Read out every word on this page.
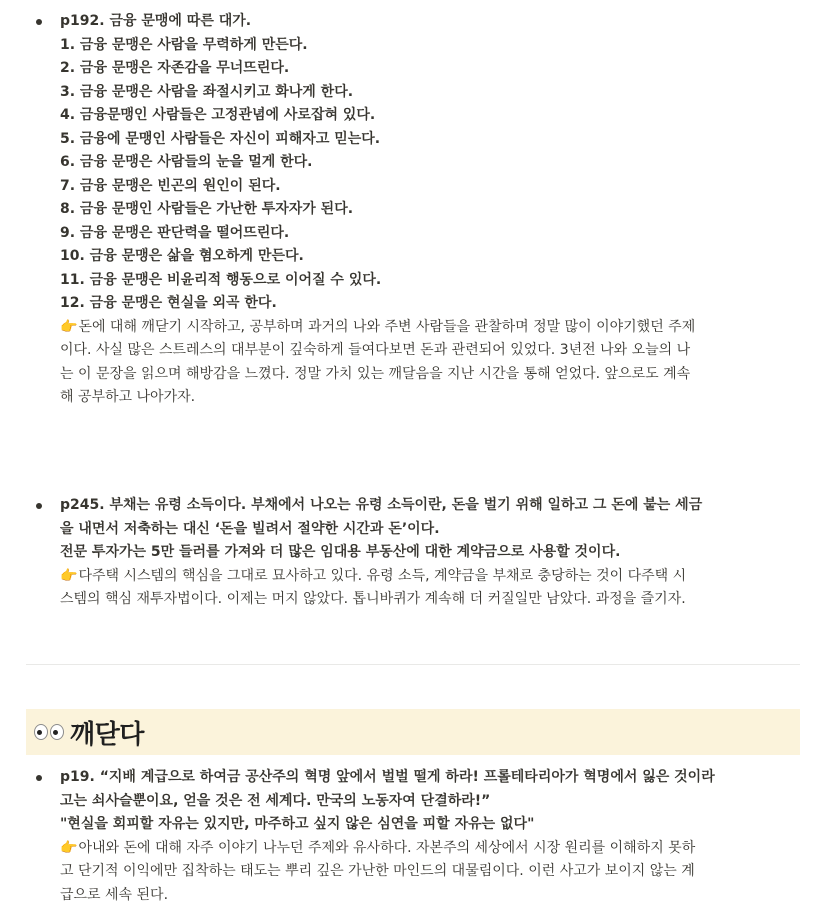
p192. 금융 문맹에 따른 대가.
1. 금융 문맹은 사람을 무력하게 만든다.
2. 금융 문맹은 자존감을 무너뜨린다.
3. 금융 문맹은 사람을 좌절시키고 화나게 한다.
4. 금융문맹인 사람들은 고정관념에 사로잡혀 있다.
5. 금융에 문맹인 사람들은 자신이 피해자고 믿는다.
6. 금융 문맹은 사람들의 눈을 멀게 한다.
7. 금융 문맹은 빈곤의 원인이 된다.
8. 금융 문맹인 사람들은 가난한 투자자가 된다.
9. 금융 문맹은 판단력을 떨어뜨린다.
10. 금융 문맹은 삶을 혐오하게 만든다.
11. 금융 문맹은 비윤리적 행동으로 이어질 수 있다.
12. 금융 문맹은 현실을 외곡 한다.
👉돈에 대해 깨닫기 시작하고, 공부하며 과거의 나와 주변 사람들을 관찰하며 정말 많이 이야기했던 주제
이다. 사실 많은 스트레스의 대부분이 깊숙하게 들여다보면 돈과 관련되어 있었다. 3년전 나와 오늘의 나
는 이 문장을 읽으며 해방감을 느꼈다. 정말 가치 있는 깨달음을 지난 시간을 통해 얻었다. 앞으로도 계속
해 공부하고 나아가자.
p245. 부채는 유령 소득이다. 부채에서 나오는 유령 소득이란, 돈을 벌기 위해 일하고 그 돈에 붙는 세금
을 내면서 저축하는 대신 ‘돈을 빌려서 절약한 시간과 돈’이다.
전문 투자가는 5만 들러를 가져와 더 많은 임대용 부동산에 대한 계약금으로 사용할 것이다.
👉다주택 시스템의 핵심을 그대로 묘사하고 있다. 유령 소득, 계약금을 부채로 충당하는 것이 다주택 시
스템의 핵심 재투자법이다. 이제는 머지 않았다. 톱니바퀴가 계속해 더 커질일만 남았다. 과정을 즐기자.
깨닫다
p19. “지배 계급으로 하여금 공산주의 혁명 앞에서 벌벌 떨게 하라! 프롤테타리아가 혁명에서 잃은 것이라
고는 쇠사슬뿐이요, 얻을 것은 전 세계다. 만국의 노동자여 단결하라!”
"현실을 회피할 자유는 있지만, 마주하고 싶지 않은 심연을 피할 자유는 없다"
👉아내와 돈에 대해 자주 이야기 나누던 주제와 유사하다. 자본주의 세상에서 시장 원리를 이해하지 못하
고 단기적 이익에만 집착하는 태도는 뿌리 깊은 가난한 마인드의 대물림이다. 이런 사고가 보이지 않는 계
급으로 세속 된다.
